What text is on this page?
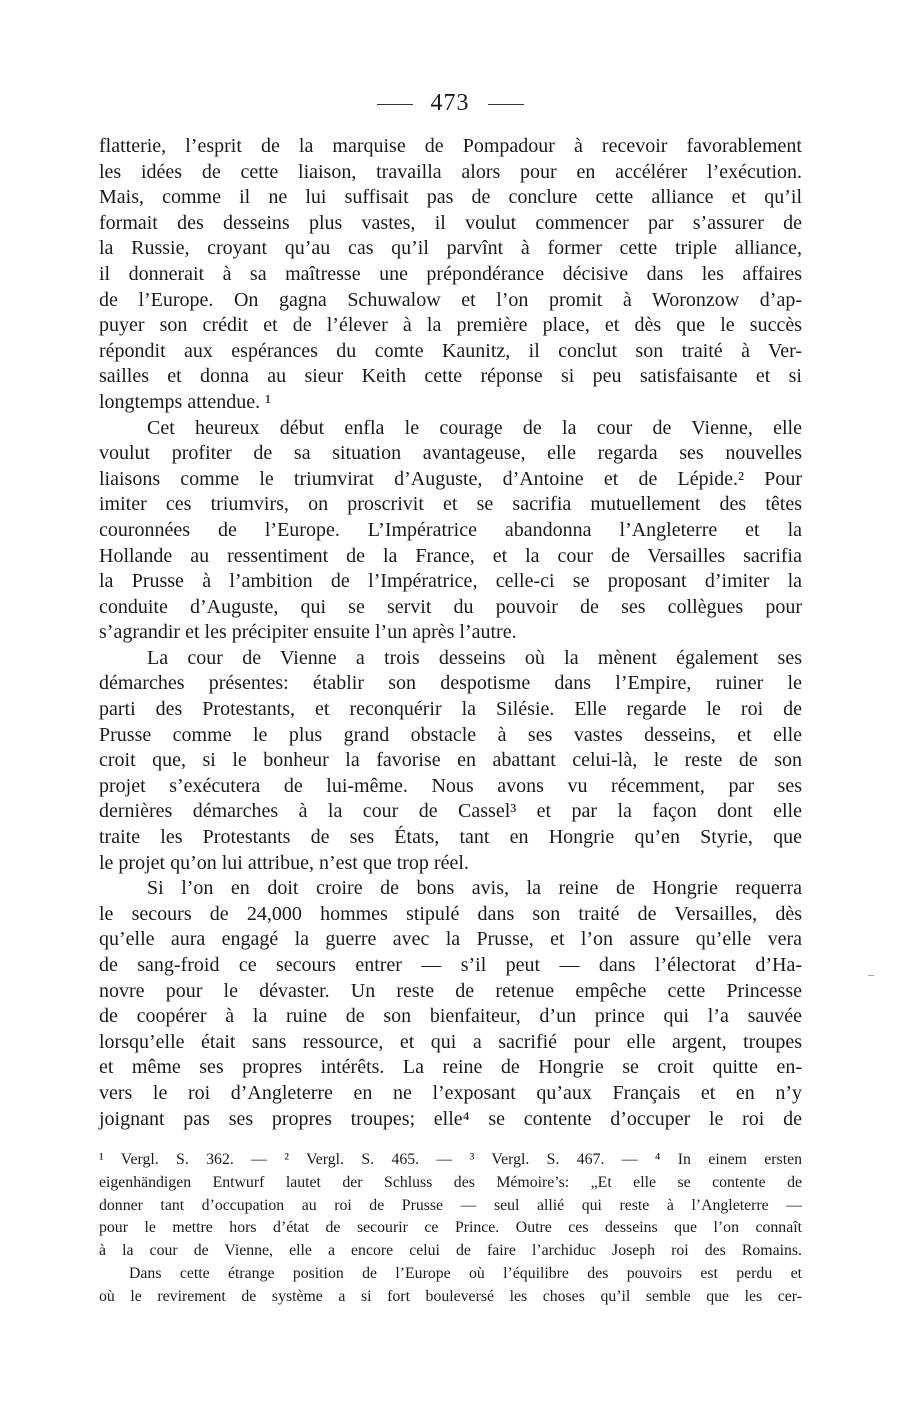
473
flatterie, l’esprit de la marquise de Pompadour à recevoir favorablement
les idées de cette liaison, travailla alors pour en accélérer l’exécution.
Mais, comme il ne lui suffisait pas de conclure cette alliance et qu’il
formait des desseins plus vastes, il voulut commencer par s’assurer de
la Russie, croyant qu’au cas qu’il parvînt à former cette triple alliance,
il donnerait à sa maîtresse une prépondérance décisive dans les affaires
de l’Europe. On gagna Schuwalow et l’on promit à Woronzow d’ap-
puyer son crédit et de l’élever à la première place, et dès que le succès
répondit aux espérances du comte Kaunitz, il conclut son traité à Ver-
sailles et donna au sieur Keith cette réponse si peu satisfaisante et si
longtemps attendue. ¹
Cet heureux début enfla le courage de la cour de Vienne, elle
voulut profiter de sa situation avantageuse, elle regarda ses nouvelles
liaisons comme le triumvirat d’Auguste, d’Antoine et de Lépide.² Pour
imiter ces triumvirs, on proscrivit et se sacrifia mutuellement des têtes
couronnées de l’Europe. L’Impératrice abandonna l’Angleterre et la
Hollande au ressentiment de la France, et la cour de Versailles sacrifia
la Prusse à l’ambition de l’Impératrice, celle-ci se proposant d’imiter la
conduite d’Auguste, qui se servit du pouvoir de ses collègues pour
s’agrandir et les précipiter ensuite l’un après l’autre.
La cour de Vienne a trois desseins où la mènent également ses
démarches présentes: établir son despotisme dans l’Empire, ruiner le
parti des Protestants, et reconquérir la Silésie. Elle regarde le roi de
Prusse comme le plus grand obstacle à ses vastes desseins, et elle
croit que, si le bonheur la favorise en abattant celui-là, le reste de son
projet s’exécutera de lui-même. Nous avons vu récemment, par ses
dernières démarches à la cour de Cassel³ et par la façon dont elle
traite les Protestants de ses États, tant en Hongrie qu’en Styrie, que
le projet qu’on lui attribue, n’est que trop réel.
Si l’on en doit croire de bons avis, la reine de Hongrie requerra
le secours de 24,000 hommes stipulé dans son traité de Versailles, dès
qu’elle aura engagé la guerre avec la Prusse, et l’on assure qu’elle vera
de sang-froid ce secours entrer — s’il peut — dans l’électorat d’Ha-
novre pour le dévaster. Un reste de retenue empêche cette Princesse
de coopérer à la ruine de son bienfaiteur, d’un prince qui l’a sauvée
lorsqu’elle était sans ressource, et qui a sacrifié pour elle argent, troupes
et même ses propres intérêts. La reine de Hongrie se croit quitte en-
vers le roi d’Angleterre en ne l’exposant qu’aux Français et en n’y
joignant pas ses propres troupes; elle⁴ se contente d’occuper le roi de
¹ Vergl. S. 362. — ² Vergl. S. 465. — ³ Vergl. S. 467. — ⁴ In einem ersten
eigenhändigen Entwurf lautet der Schluss des Mémoire’s: „Et elle se contente de
donner tant d’occupation au roi de Prusse — seul allié qui reste à l’Angleterre —
pour le mettre hors d’état de secourir ce Prince. Outre ces desseins que l’on connaît
à la cour de Vienne, elle a encore celui de faire l’archiduc Joseph roi des Romains.
Dans cette étrange position de l’Europe où l’équilibre des pouvoirs est perdu et
où le revirement de système a si fort bouleversé les choses qu’il semble que les cer-
